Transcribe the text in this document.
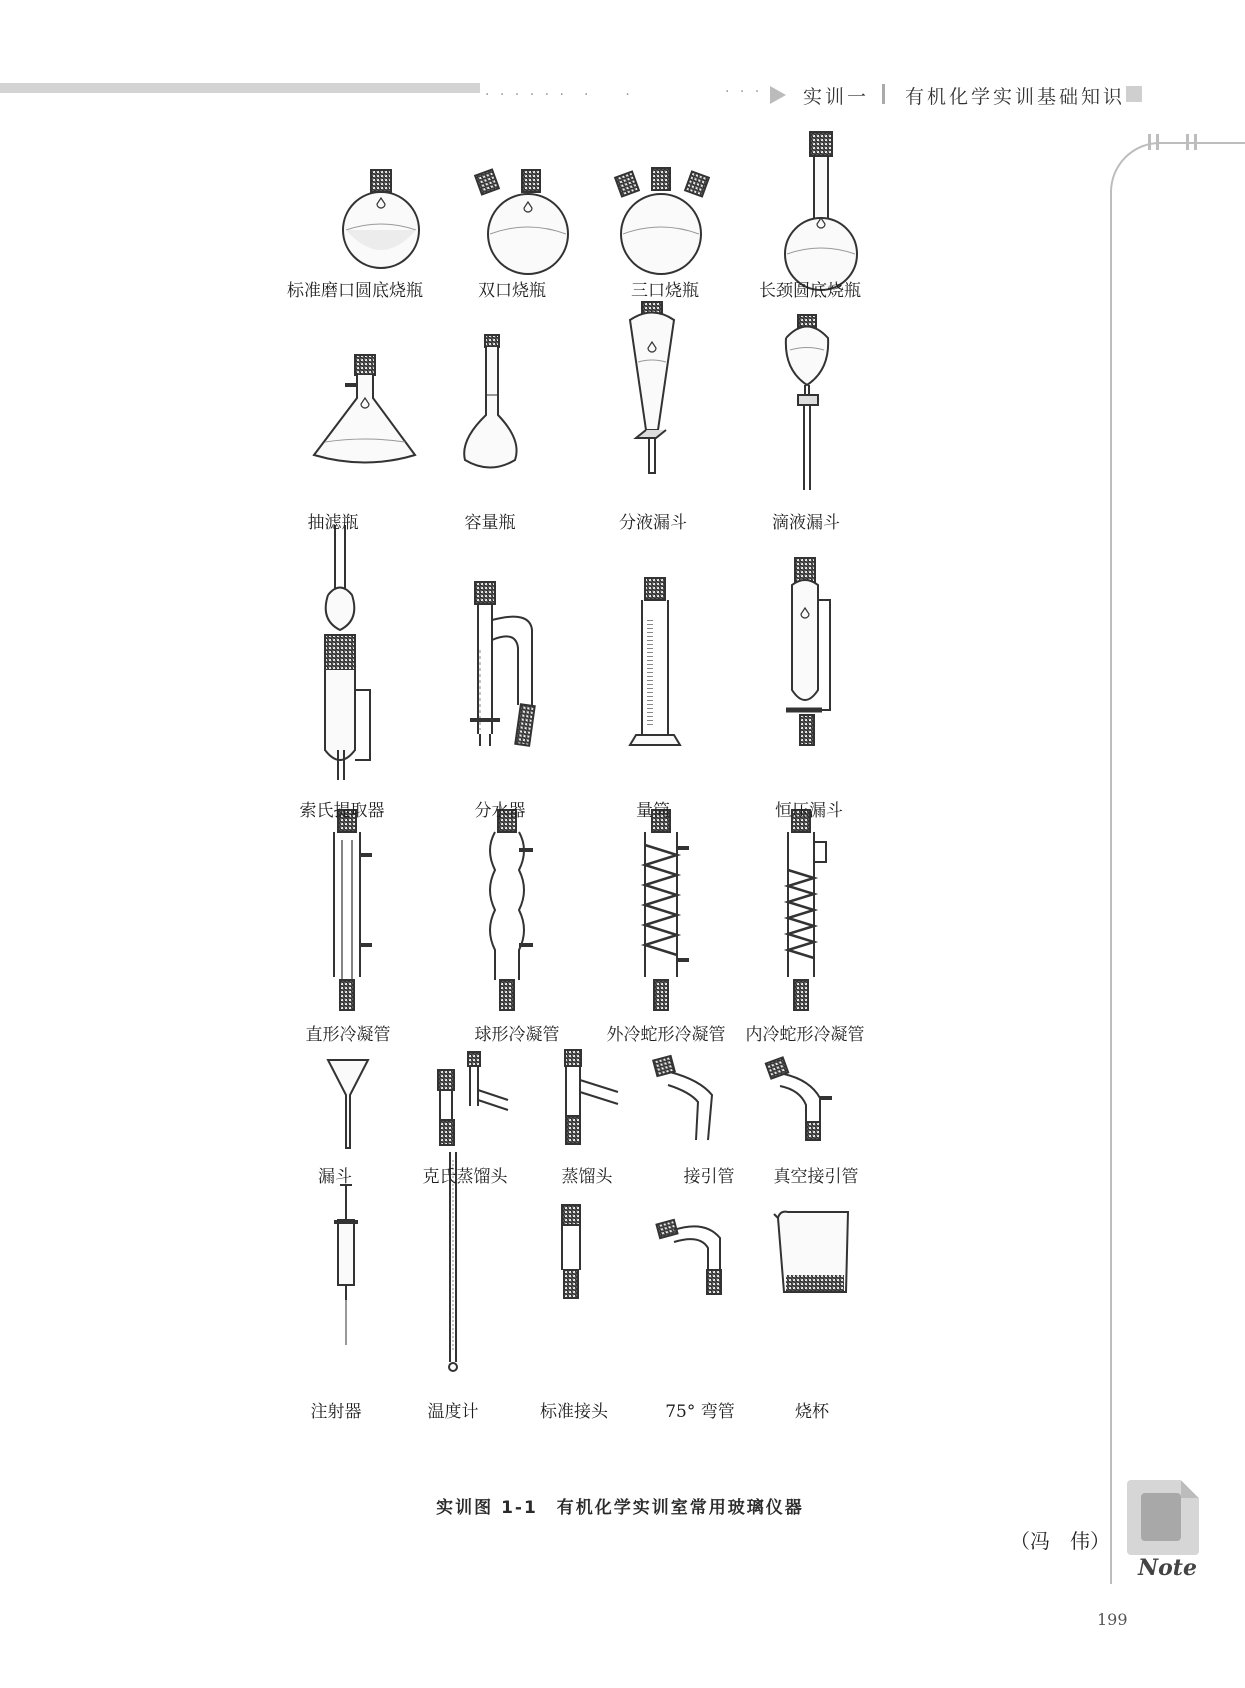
· · · · · ·　·　　·	· · · 实训一 有机化学实训基础知识
标准磨口圆底烧瓶	双口烧瓶	三口烧瓶	长颈圆底烧瓶
抽滤瓶	容量瓶	分液漏斗	滴液漏斗
索氏提取器	分水器	量筒	恒压漏斗
直形冷凝管	球形冷凝管	外冷蛇形冷凝管 内冷蛇形冷凝管
漏斗	克氏蒸馏头	蒸馏头	接引管 真空接引管
注射器	温度计	标准接头	75° 弯管	烧杯
实训图 1-1　有机化学实训室常用玻璃仪器
（冯　伟）
Note
199
